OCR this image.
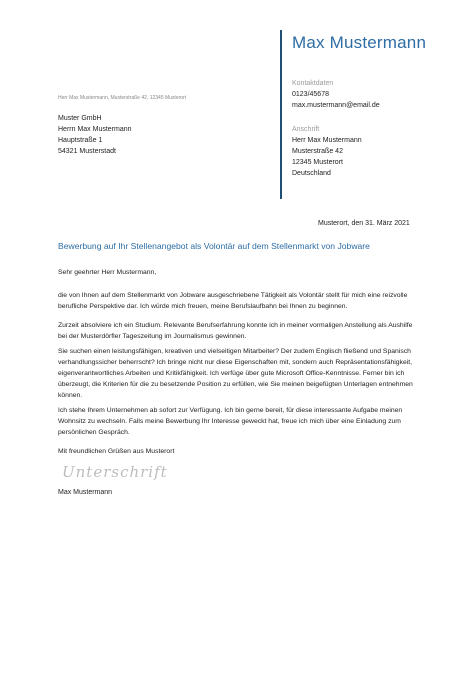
Max Mustermann
Kontaktdaten
0123/45678
max.mustermann@email.de
Anschrift
Herr Max Mustermann
Musterstraße 42
12345 Musterort
Deutschland
Herr Max Mustermann, Musterstraße 42, 12345 Musterort
Muster GmbH
Herrn Max Mustermann
Hauptstraße 1
54321 Musterstadt
Musterort, den 31. März 2021
Bewerbung auf Ihr Stellenangebot als Volontär auf dem Stellenmarkt von Jobware
Sehr geehrter Herr Mustermann,
die von Ihnen auf dem Stellenmarkt von Jobware ausgeschriebene Tätigkeit als Volontär stellt für mich eine reizvolle berufliche Perspektive dar. Ich würde mich freuen, meine Berufslaufbahn bei Ihnen zu beginnen.
Zurzeit absolviere ich ein Studium. Relevante Berufserfahrung konnte ich in meiner vormaligen Anstellung als Aushilfe bei der Musterdörfler Tageszeitung im Journalismus gewinnen.
Sie suchen einen leistungsfähigen, kreativen und vielseitigen Mitarbeiter? Der zudem Englisch fließend und Spanisch verhandlungssicher beherrscht? Ich bringe nicht nur diese Eigenschaften mit, sondern auch Repräsentationsfähigkeit, eigenverantwortliches Arbeiten und Kritikfähigkeit. Ich verfüge über gute Microsoft Office-Kenntnisse. Ferner bin ich überzeugt, die Kriterien für die zu besetzende Position zu erfüllen, wie Sie meinen beigefügten Unterlagen entnehmen können.
Ich stehe Ihrem Unternehmen ab sofort zur Verfügung. Ich bin gerne bereit, für diese interessante Aufgabe meinen Wohnsitz zu wechseln. Falls meine Bewerbung Ihr Interesse geweckt hat, freue ich mich über eine Einladung zum persönlichen Gespräch.
Mit freundlichen Grüßen aus Musterort
Unterschrift
Max Mustermann
